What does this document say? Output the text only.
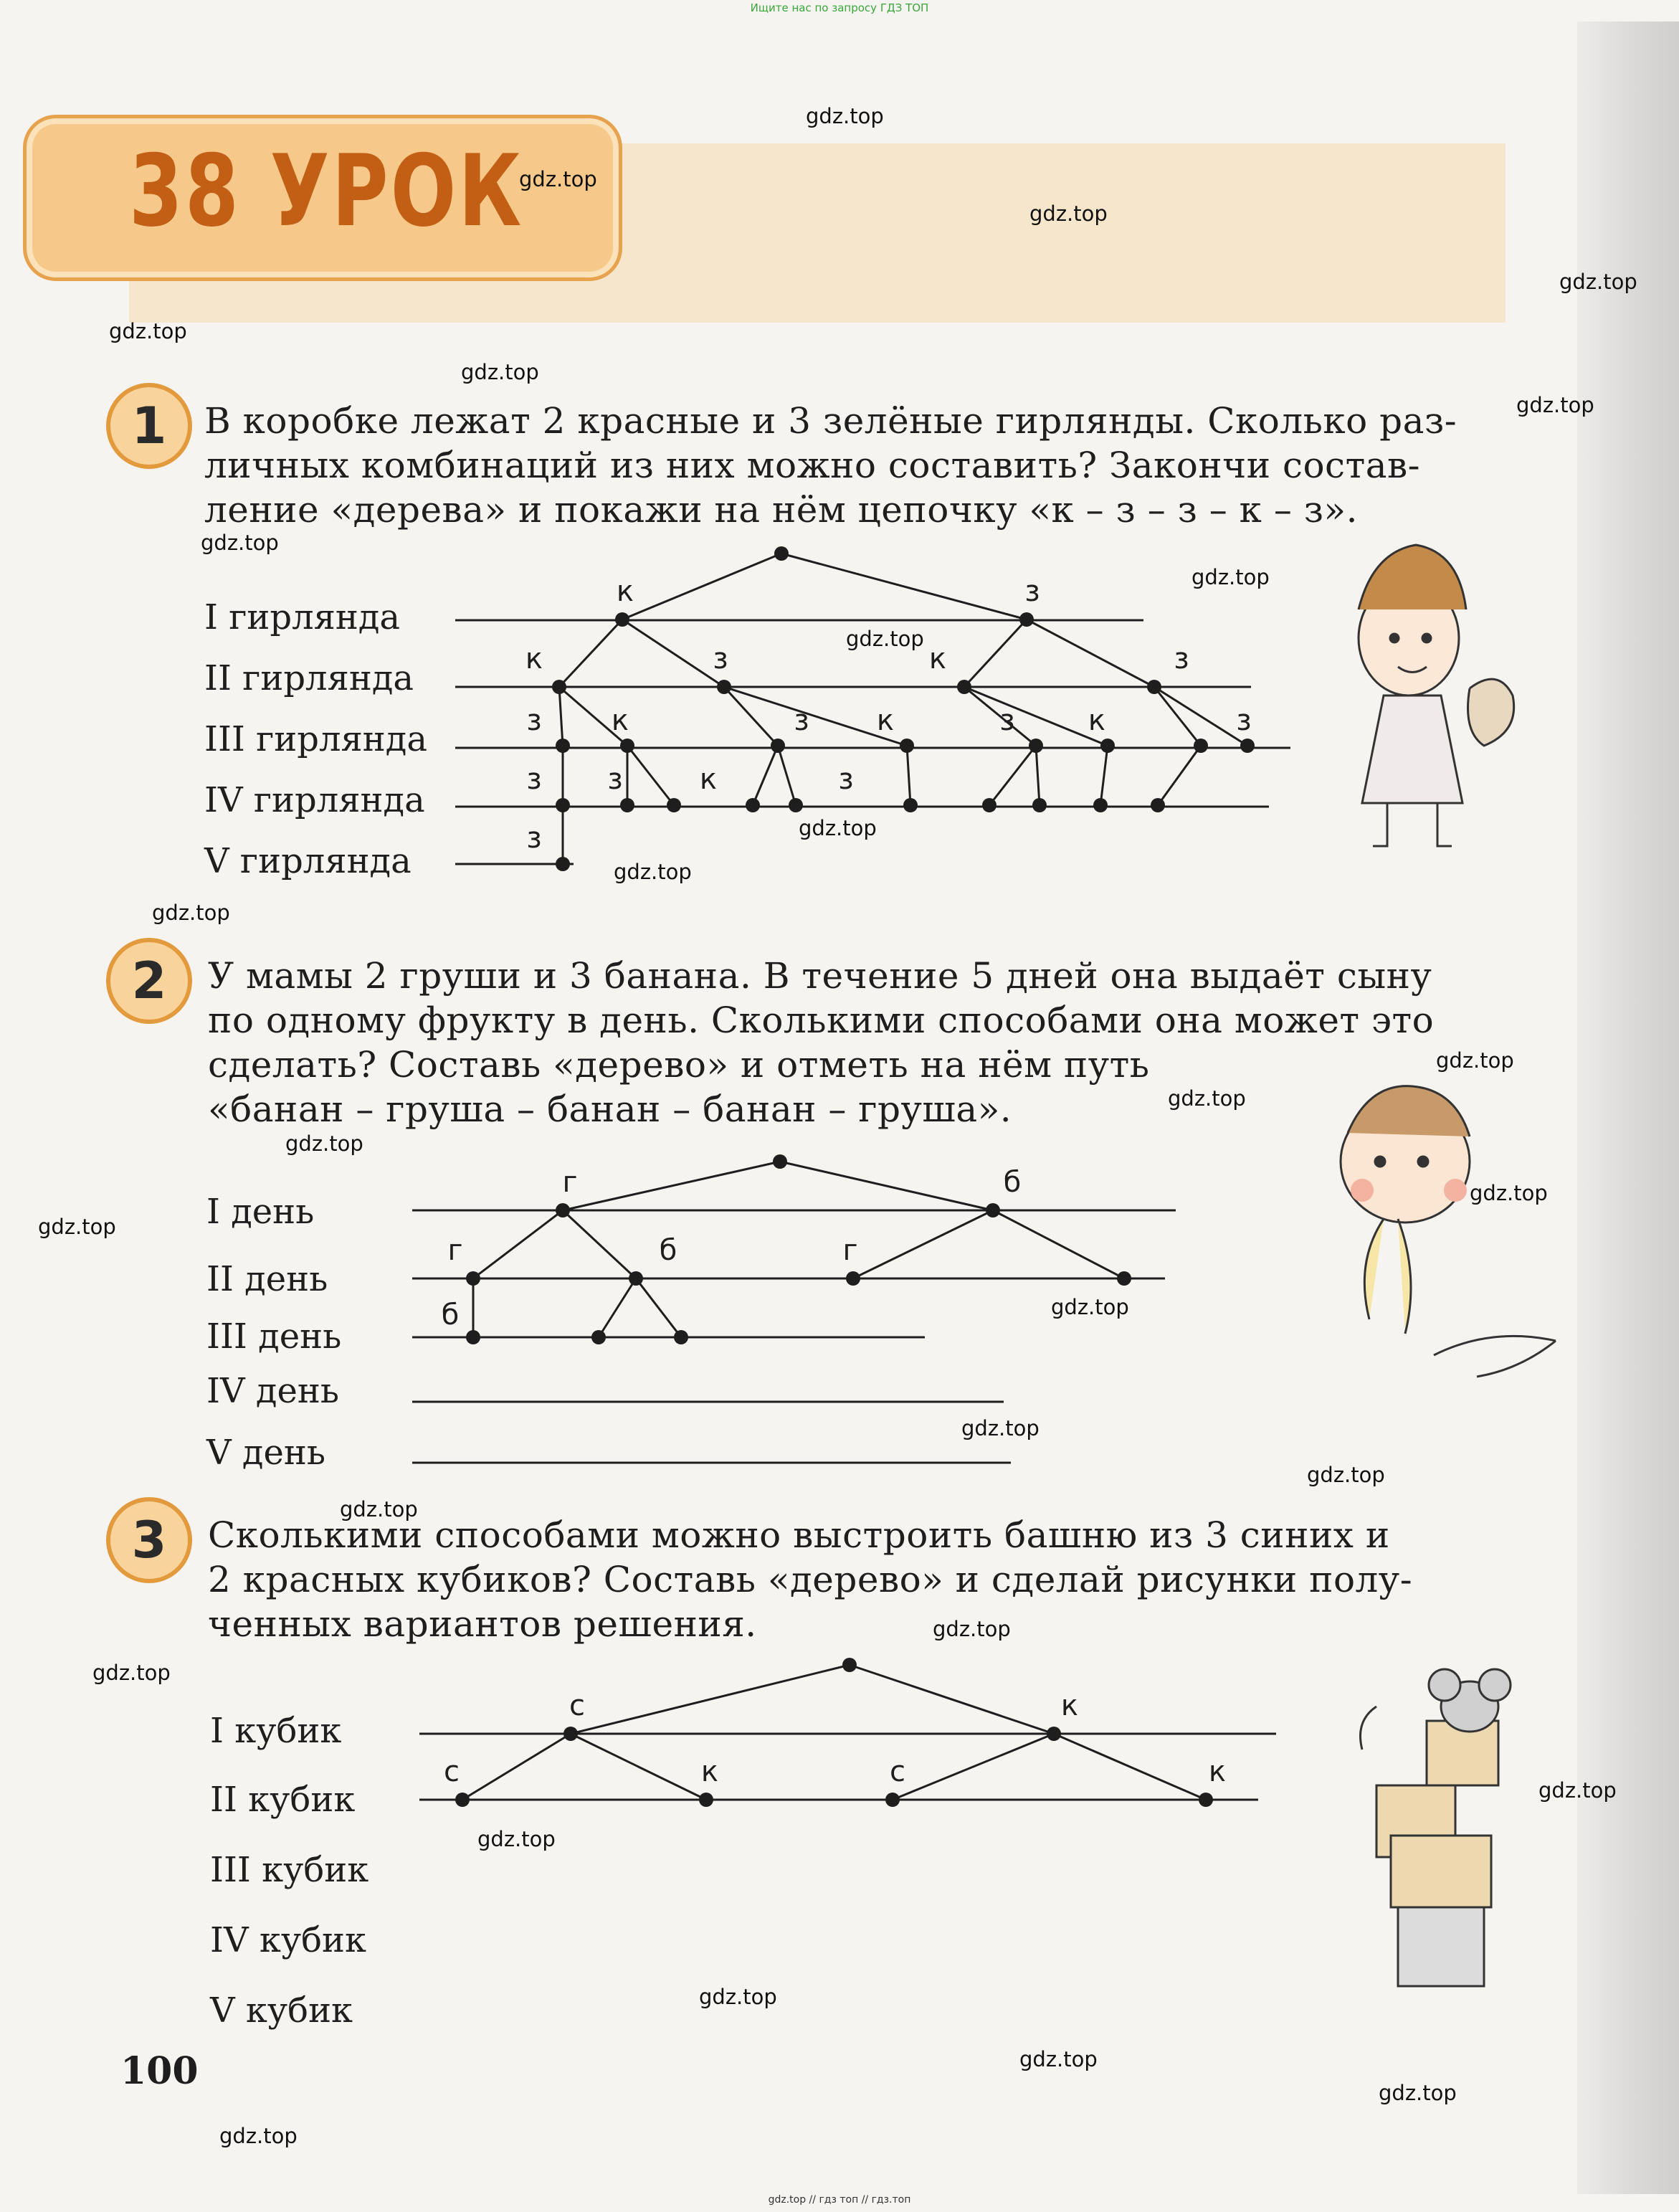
Ищите нас по запросу ГДЗ ТОП
38 УРОК
1	В коробке лежат 2 красные и 3 зелёные гирлянды. Сколько раз-
личных комбинаций из них можно составить? Закончи состав-
ление «дерева» и покажи на нём цепочку «к – з – з – к – з».
I гирлянда
II гирлянда
III гирлянда
IV гирлянда
V гирлянда
2	У мамы 2 груши и 3 банана. В течение 5 дней она выдаёт сыну
по одному фрукту в день. Сколькими способами она может это
сделать? Составь «дерево» и отметь на нём путь
«банан – груша – банан – банан – груша».
I день
II день
III день
IV день
V день
3	Сколькими способами можно выстроить башню из 3 синих и
2 красных кубиков? Составь «дерево» и сделай рисунки полу-
ченных вариантов решения.
I кубик
II кубик
III кубик
IV кубик
V кубик
к	з
к	з	к	з
з к	з к	з	к	з
з з	к	з
з
г	б
г	б	г
б
с	к
с	к	с	к
100
gdz.top
gdz.top
gdz.top
gdz.top
gdz.top
gdz.top
gdz.top
gdz.top
gdz.top
gdz.top
gdz.top
gdz.top
gdz.top
gdz.top
gdz.top
gdz.top
gdz.top
gdz.top
gdz.top
gdz.top
gdz.top
gdz.top
gdz.top
gdz.top
gdz.top
gdz.top
gdz.top
gdz.top
gdz.top
gdz.top
gdz.top // гдз топ // гдз.топ
